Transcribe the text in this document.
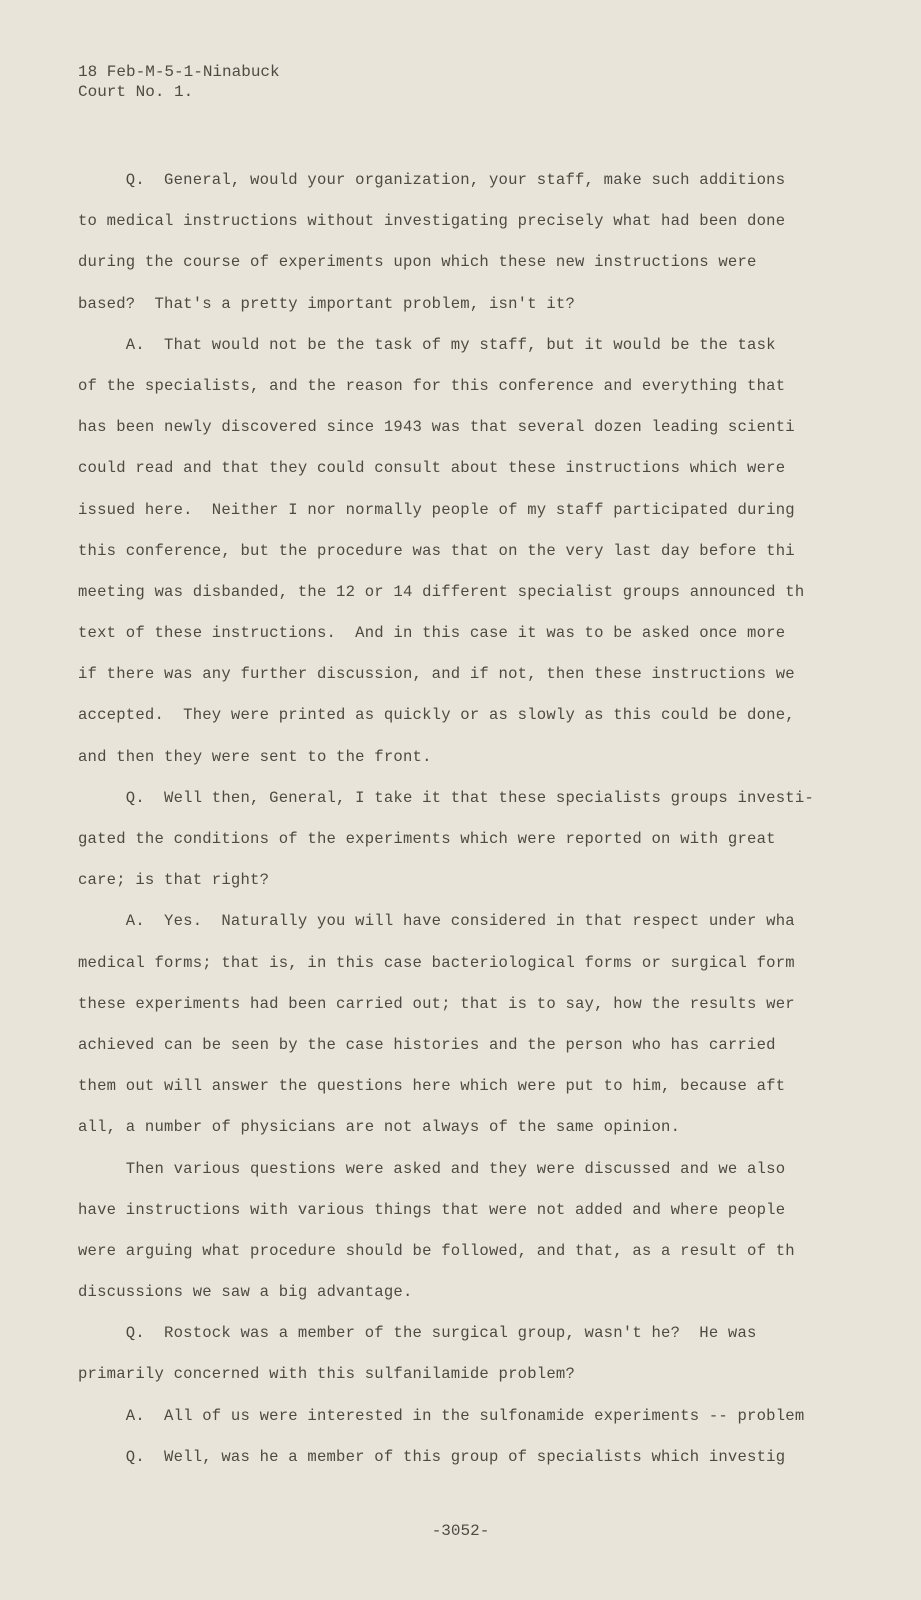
18 Feb-M-5-1-Ninabuck
Court No. 1.
Q.  General, would your organization, your staff, make such additions
to medical instructions without investigating precisely what had been done
during the course of experiments upon which these new instructions were
based?  That's a pretty important problem, isn't it?
A.  That would not be the task of my staff, but it would be the task
of the specialists, and the reason for this conference and everything that
has been newly discovered since 1943 was that several dozen leading scienti
could read and that they could consult about these instructions which were
issued here.  Neither I nor normally people of my staff participated during
this conference, but the procedure was that on the very last day before thi
meeting was disbanded, the 12 or 14 different specialist groups announced th
text of these instructions.  And in this case it was to be asked once more
if there was any further discussion, and if not, then these instructions we
accepted.  They were printed as quickly or as slowly as this could be done,
and then they were sent to the front.
Q.  Well then, General, I take it that these specialists groups investi-
gated the conditions of the experiments which were reported on with great
care; is that right?
A.  Yes.  Naturally you will have considered in that respect under wha
medical forms; that is, in this case bacteriological forms or surgical form
these experiments had been carried out; that is to say, how the results wer
achieved can be seen by the case histories and the person who has carried
them out will answer the questions here which were put to him, because aft
all, a number of physicians are not always of the same opinion.
Then various questions were asked and they were discussed and we also
have instructions with various things that were not added and where people
were arguing what procedure should be followed, and that, as a result of th
discussions we saw a big advantage.
Q.  Rostock was a member of the surgical group, wasn't he?  He was
primarily concerned with this sulfanilamide problem?
A.  All of us were interested in the sulfonamide experiments -- problem
Q.  Well, was he a member of this group of specialists which investig
-3052-
